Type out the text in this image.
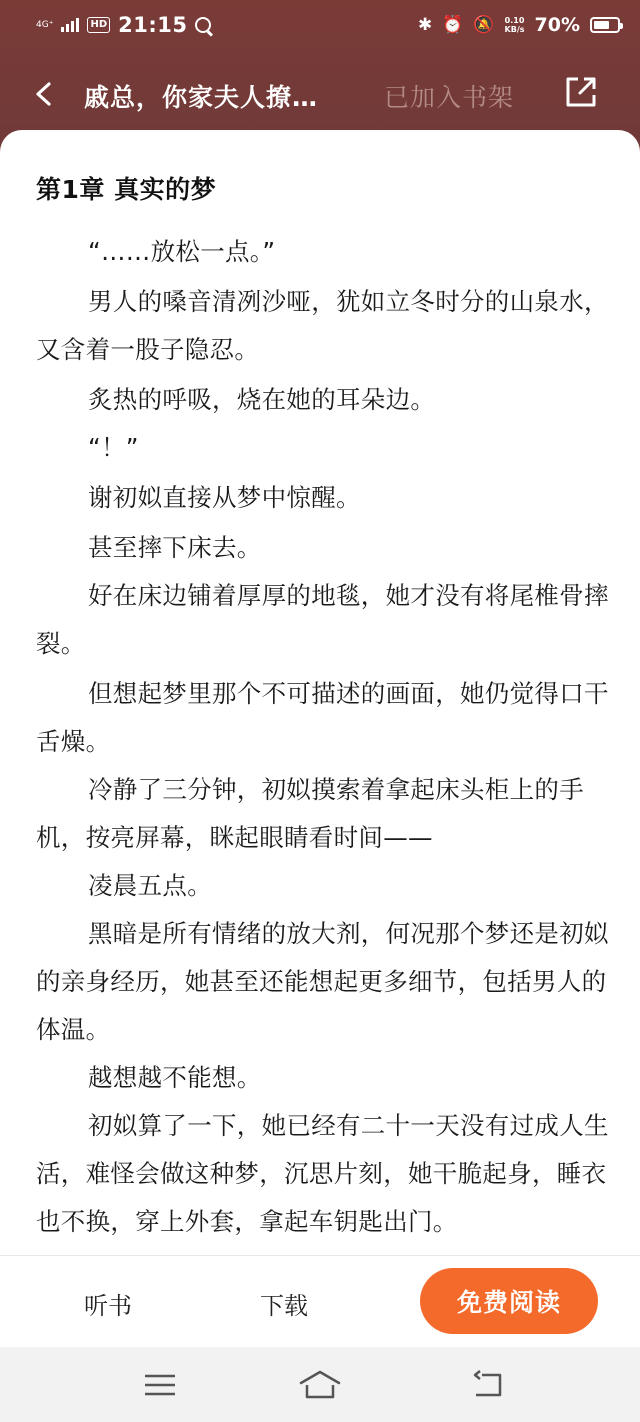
4G⁺	HD 21:15	✱ ⏰ 🔕 0.10
KB/s 70%
戚总，你家夫人撩…	已加入书架
第1章 真实的梦

“……放松一点。”

男人的嗓音清冽沙哑，犹如立冬时分的山泉水，又含着一股子隐忍。

炙热的呼吸，烧在她的耳朵边。

“！”

谢初姒直接从梦中惊醒。

甚至摔下床去。

好在床边铺着厚厚的地毯，她才没有将尾椎骨摔裂。

但想起梦里那个不可描述的画面，她仍觉得口干舌燥。

冷静了三分钟，初姒摸索着拿起床头柜上的手机，按亮屏幕，眯起眼睛看时间——

凌晨五点。

黑暗是所有情绪的放大剂，何况那个梦还是初姒的亲身经历，她甚至还能想起更多细节，包括男人的体温。

越想越不能想。

初姒算了一下，她已经有二十一天没有过成人生活，难怪会做这种梦，沉思片刻，她干脆起身，睡衣也不换，穿上外套，拿起车钥匙出门。

听书	下载	免费阅读
